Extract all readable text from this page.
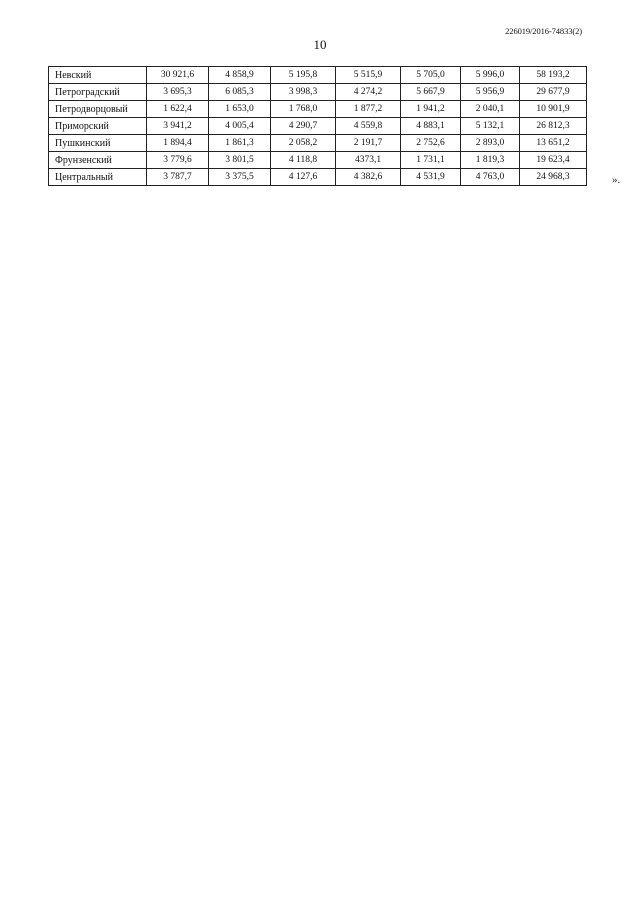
226019/2016-74833(2)
10
Невский	30 921,6	4 858,9	5 195,8	5 515,9	5 705,0	5 996,0	58 193,2
Петроградский	3 695,3	6 085,3	3 998,3	4 274,2	5 667,9	5 956,9	29 677,9
Петродворцовый	1 622,4	1 653,0	1 768,0	1 877,2	1 941,2	2 040,1	10 901,9
Приморский	3 941,2	4 005,4	4 290,7	4 559,8	4 883,1	5 132,1	26 812,3
Пушкинский	1 894,4	1 861,3	2 058,2	2 191,7	2 752,6	2 893,0	13 651,2
Фрунзенский	3 779,6	3 801,5	4 118,8	4373,1	1 731,1	1 819,3	19 623,4
Центральный	3 787,7	3 375,5	4 127,6	4 382,6	4 531,9	4 763,0	24 968,3	».
